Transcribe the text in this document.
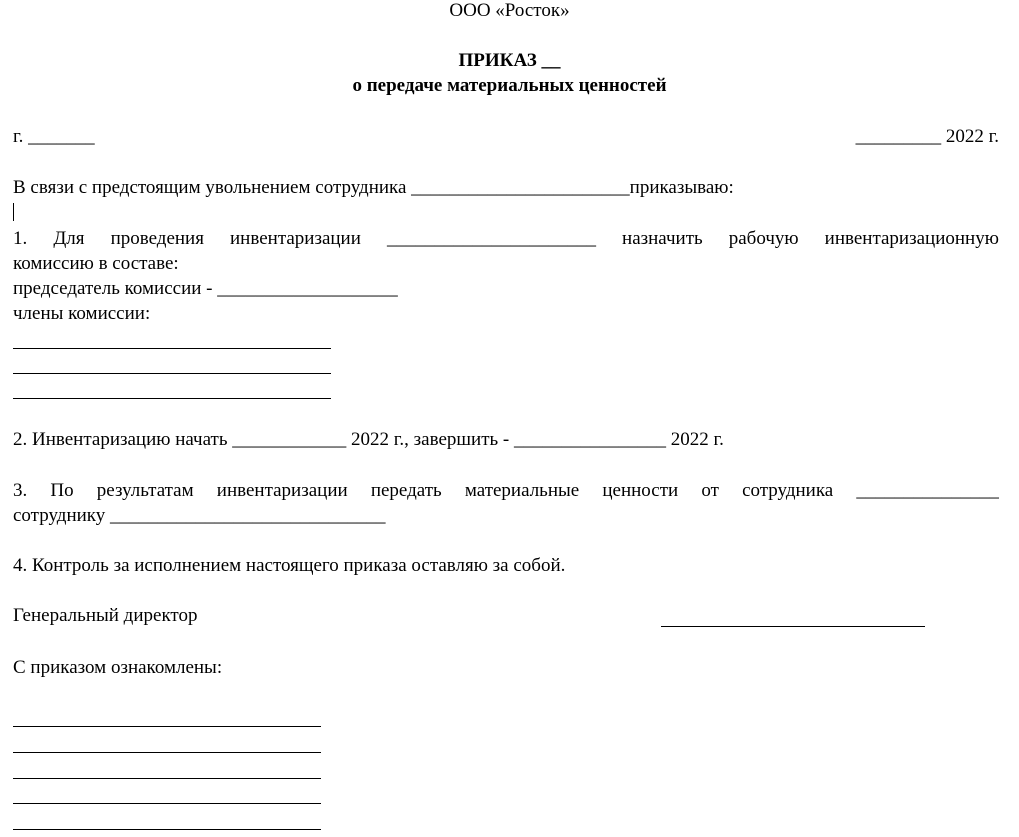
ООО «Росток»
ПРИКАЗ __
о передаче материальных ценностей
г. _______	_________ 2022 г.
В связи с предстоящим увольнением сотрудника _______________________приказываю:
1. Для проведения инвентаризации ______________________ назначить рабочую инвентаризационную
комиссию в составе:
председатель комиссии - ___________________
члены комиссии:
2. Инвентаризацию начать ____________ 2022 г., завершить - ________________ 2022 г.
3. По результатам инвентаризации передать материальные ценности от сотрудника _______________
сотруднику _____________________________
4. Контроль за исполнением настоящего приказа оставляю за собой.
Генеральный директор
С приказом ознакомлены:
